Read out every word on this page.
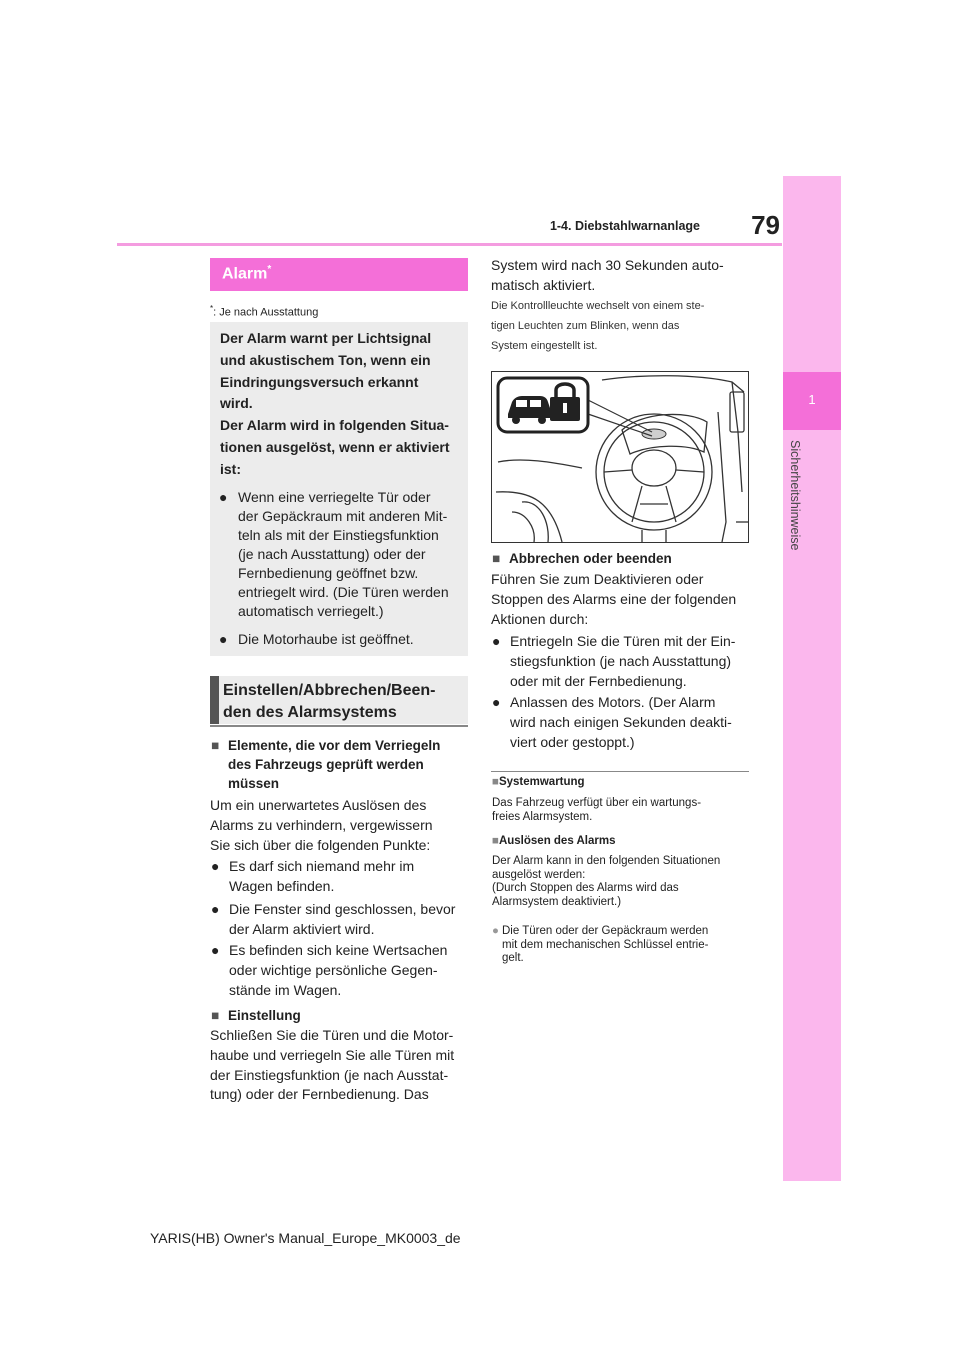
79
1-4. Diebstahlwarnanlage
1
Sicherheitshinweise
Alarm*
*: Je nach Ausstattung
Der Alarm warnt per Lichtsignal
und akustischem Ton, wenn ein
Eindringungsversuch erkannt
wird.
Der Alarm wird in folgenden Situa-
tionen ausgelöst, wenn er aktiviert
ist:
● Wenn eine verriegelte Tür oder
der Gepäckraum mit anderen Mit-
teln als mit der Einstiegsfunktion
(je nach Ausstattung) oder der
Fernbedienung geöffnet bzw.
entriegelt wird. (Die Türen werden
automatisch verriegelt.)
● Die Motorhaube ist geöffnet.
Einstellen/Abbrechen/Been-
den des Alarmsystems
■ Elemente, die vor dem Verriegeln
des Fahrzeugs geprüft werden
müssen
Um ein unerwartetes Auslösen des
Alarms zu verhindern, vergewissern
Sie sich über die folgenden Punkte:
● Es darf sich niemand mehr im
Wagen befinden.
● Die Fenster sind geschlossen, bevor
der Alarm aktiviert wird.
● Es befinden sich keine Wertsachen
oder wichtige persönliche Gegen-
stände im Wagen.
■ Einstellung
Schließen Sie die Türen und die Motor-
haube und verriegeln Sie alle Türen mit
der Einstiegsfunktion (je nach Ausstat-
tung) oder der Fernbedienung. Das
System wird nach 30 Sekunden auto-
matisch aktiviert.
Die Kontrollleuchte wechselt von einem ste-
tigen Leuchten zum Blinken, wenn das
System eingestellt ist.
■ Abbrechen oder beenden
Führen Sie zum Deaktivieren oder
Stoppen des Alarms eine der folgenden
Aktionen durch:
● Entriegeln Sie die Türen mit der Ein-
stiegsfunktion (je nach Ausstattung)
oder mit der Fernbedienung.
● Anlassen des Motors. (Der Alarm
wird nach einigen Sekunden deakti-
viert oder gestoppt.)
■Systemwartung
Das Fahrzeug verfügt über ein wartungs-
freies Alarmsystem.
■Auslösen des Alarms
Der Alarm kann in den folgenden Situationen
ausgelöst werden:
(Durch Stoppen des Alarms wird das
Alarmsystem deaktiviert.)
● Die Türen oder der Gepäckraum werden
mit dem mechanischen Schlüssel entrie-
gelt.
YARIS(HB) Owner's Manual_Europe_MK0003_de
